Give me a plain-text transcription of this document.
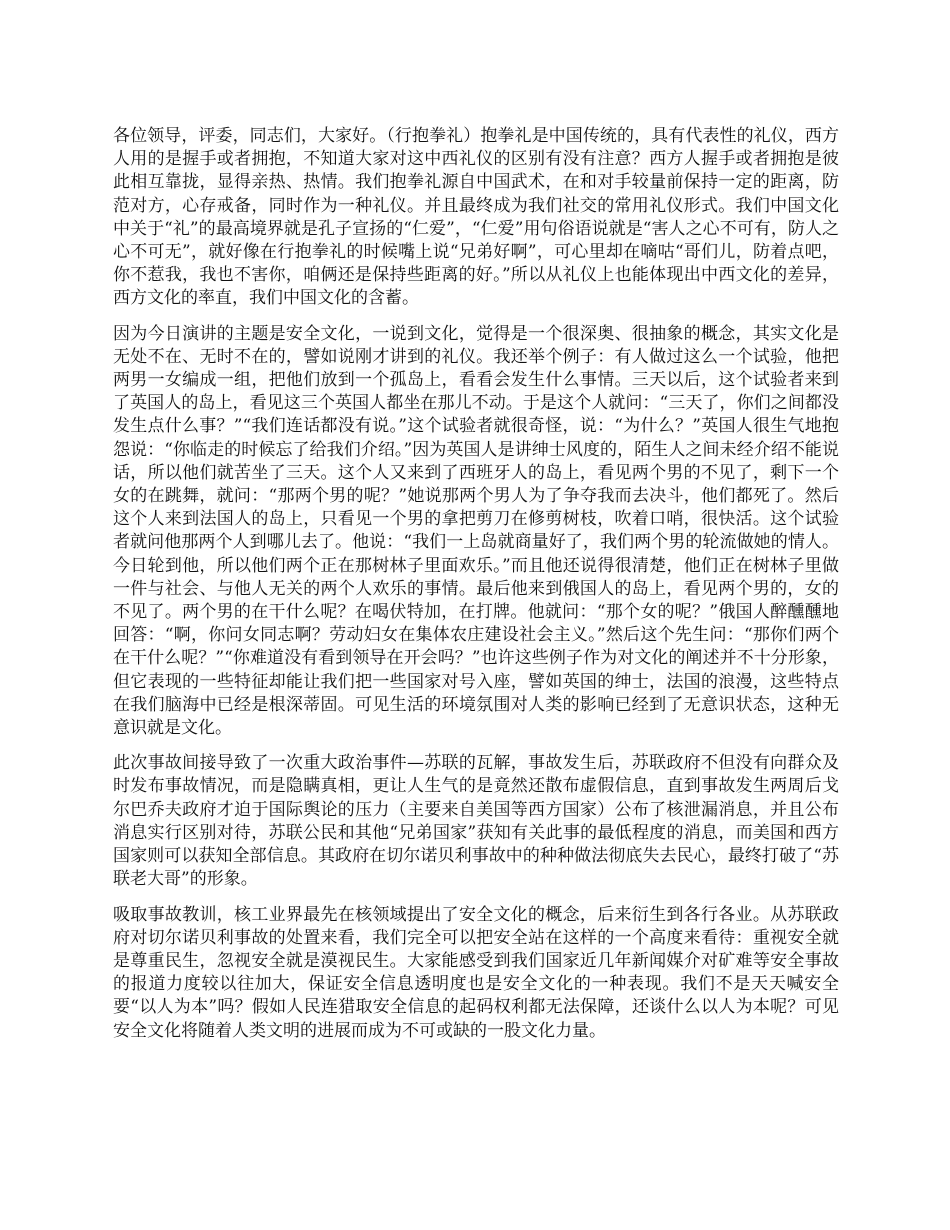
各位领导，评委，同志们，大家好。（行抱拳礼）抱拳礼是中国传统的，具有代表性的礼仪，西方人用的是握手或者拥抱，不知道大家对这中西礼仪的区别有没有注意？西方人握手或者拥抱是彼此相互靠拢，显得亲热、热情。我们抱拳礼源自中国武术，在和对手较量前保持一定的距离，防范对方，心存戒备，同时作为一种礼仪。并且最终成为我们社交的常用礼仪形式。我们中国文化中关于“礼”的最高境界就是孔子宣扬的“仁爱”，“仁爱”用句俗语说就是“害人之心不可有，防人之心不可无”，就好像在行抱拳礼的时候嘴上说“兄弟好啊”，可心里却在嘀咕“哥们儿，防着点吧，你不惹我，我也不害你，咱俩还是保持些距离的好。”所以从礼仪上也能体现出中西文化的差异，西方文化的率直，我们中国文化的含蓄。

因为今日演讲的主题是安全文化，一说到文化，觉得是一个很深奥、很抽象的概念，其实文化是无处不在、无时不在的，譬如说刚才讲到的礼仪。我还举个例子：有人做过这么一个试验，他把两男一女编成一组，把他们放到一个孤岛上，看看会发生什么事情。三天以后，这个试验者来到了英国人的岛上，看见这三个英国人都坐在那儿不动。于是这个人就问：“三天了，你们之间都没发生点什么事？”“我们连话都没有说。”这个试验者就很奇怪，说：“为什么？”英国人很生气地抱怨说：“你临走的时候忘了给我们介绍。”因为英国人是讲绅士风度的，陌生人之间未经介绍不能说话，所以他们就苦坐了三天。这个人又来到了西班牙人的岛上，看见两个男的不见了，剩下一个女的在跳舞，就问：“那两个男的呢？”她说那两个男人为了争夺我而去决斗，他们都死了。然后这个人来到法国人的岛上，只看见一个男的拿把剪刀在修剪树枝，吹着口哨，很快活。这个试验者就问他那两个人到哪儿去了。他说：“我们一上岛就商量好了，我们两个男的轮流做她的情人。今日轮到他，所以他们两个正在那树林子里面欢乐。”而且他还说得很清楚，他们正在树林子里做一件与社会、与他人无关的两个人欢乐的事情。最后他来到俄国人的岛上，看见两个男的，女的不见了。两个男的在干什么呢？在喝伏特加，在打牌。他就问：“那个女的呢？”俄国人醉醺醺地回答：“啊，你问女同志啊？劳动妇女在集体农庄建设社会主义。”然后这个先生问：“那你们两个在干什么呢？”“你难道没有看到领导在开会吗？”也许这些例子作为对文化的阐述并不十分形象，但它表现的一些特征却能让我们把一些国家对号入座，譬如英国的绅士，法国的浪漫，这些特点在我们脑海中已经是根深蒂固。可见生活的环境氛围对人类的影响已经到了无意识状态，这种无意识就是文化。

此次事故间接导致了一次重大政治事件—苏联的瓦解，事故发生后，苏联政府不但没有向群众及时发布事故情况，而是隐瞒真相，更让人生气的是竟然还散布虚假信息，直到事故发生两周后戈尔巴乔夫政府才迫于国际舆论的压力（主要来自美国等西方国家）公布了核泄漏消息，并且公布消息实行区别对待，苏联公民和其他“兄弟国家”获知有关此事的最低程度的消息，而美国和西方国家则可以获知全部信息。其政府在切尔诺贝利事故中的种种做法彻底失去民心，最终打破了“苏联老大哥”的形象。

吸取事故教训，核工业界最先在核领域提出了安全文化的概念，后来衍生到各行各业。从苏联政府对切尔诺贝利事故的处置来看，我们完全可以把安全站在这样的一个高度来看待：重视安全就是尊重民生，忽视安全就是漠视民生。大家能感受到我们国家近几年新闻媒介对矿难等安全事故的报道力度较以往加大，保证安全信息透明度也是安全文化的一种表现。我们不是天天喊安全要“以人为本”吗？假如人民连猎取安全信息的起码权利都无法保障，还谈什么以人为本呢？可见安全文化将随着人类文明的进展而成为不可或缺的一股文化力量。
